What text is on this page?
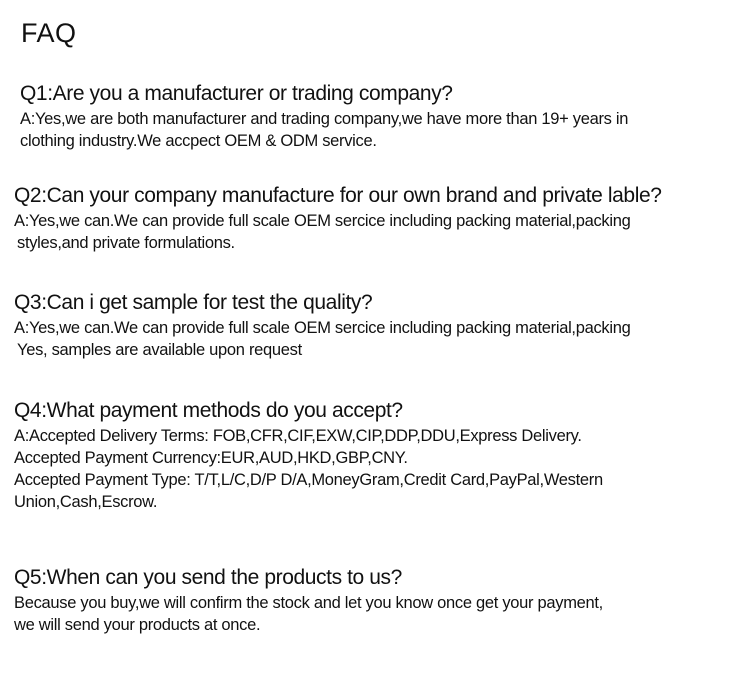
FAQ
Q1:Are you a manufacturer or trading company?
A:Yes,we are both manufacturer and trading company,we have more than 19+ years in
clothing industry.We accpect OEM & ODM service.
Q2:Can your company manufacture for our own brand and private lable?
A:Yes,we can.We can provide full scale OEM sercice including packing material,packing
styles,and private formulations.
Q3:Can i get sample for test the quality?
A:Yes,we can.We can provide full scale OEM sercice including packing material,packing
Yes, samples are available upon request
Q4:What payment methods do you accept?
A:Accepted Delivery Terms: FOB,CFR,CIF,EXW,CIP,DDP,DDU,Express Delivery.
Accepted Payment Currency:EUR,AUD,HKD,GBP,CNY.
Accepted Payment Type: T/T,L/C,D/P D/A,MoneyGram,Credit Card,PayPal,Western
Union,Cash,Escrow.
Q5:When can you send the products to us?
Because you buy,we will confirm the stock and let you know once get your payment,
we will send your products at once.
